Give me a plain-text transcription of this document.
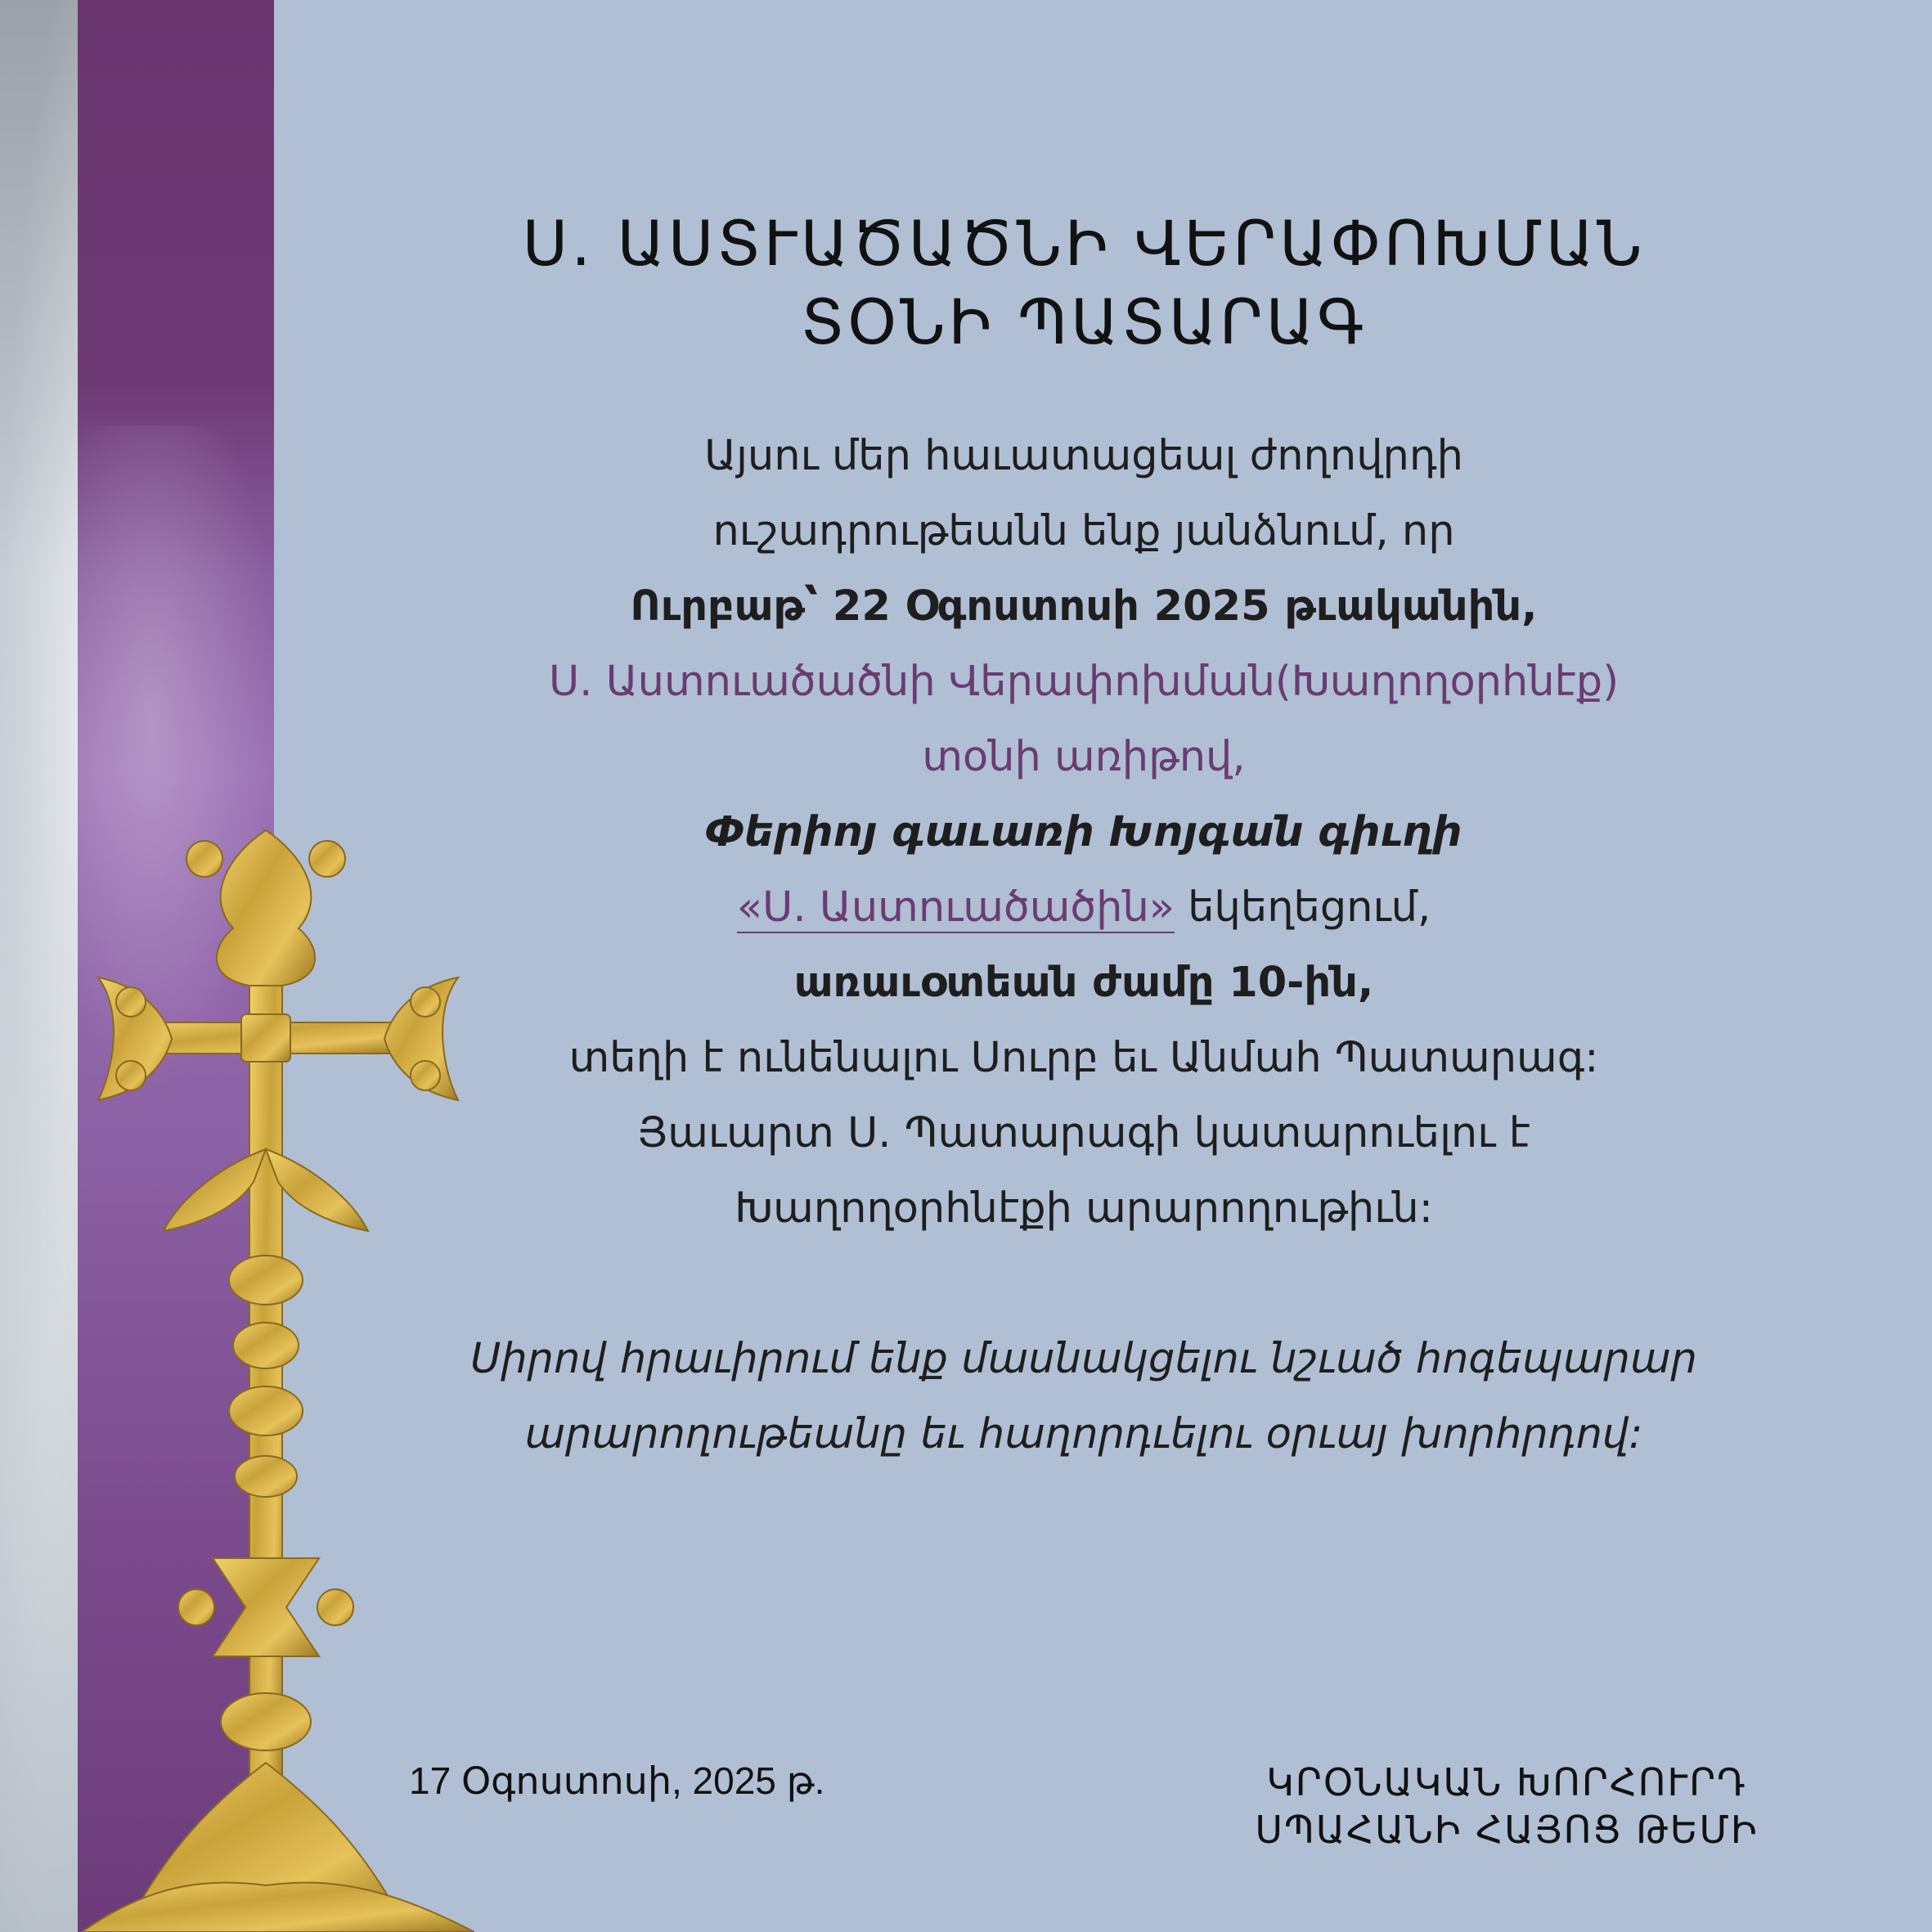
Ս. ԱՍՏՒԱԾԱԾՆԻ ՎԵՐԱՓՈԽՄԱՆ
ՏՕՆԻ ՊԱՏԱՐԱԳ

Այսու մեր հաւատացեալ ժողովրդի

ուշադրութեանն ենք յանձնում, որ

Ուրբաթ՝ 22 Օգոստոսի 2025 թւականին,

Ս. Աստուածածնի Վերափոխման(Խաղողօրհնէք)

տօնի առիթով,

Փերիոյ գաւառի Խոյգան գիւղի

«Ս. Աստուածածին» եկեղեցում,

առաւօտեան ժամը 10-ին,

տեղի է ունենալու Սուրբ եւ Անմահ Պատարագ:

Յաւարտ Ս. Պատարագի կատարուելու է

Խաղողօրհնէքի արարողութիւն:

Սիրով հրաւիրում ենք մասնակցելու նշւած հոգեպարար

արարողութեանը եւ հաղորդւելու օրւայ խորհրդով:

17 Օգոստոսի, 2025 թ.	ԿՐՕՆԱԿԱՆ ԽՈՐՀՈՒՐԴ
ՍՊԱՀԱՆԻ ՀԱՅՈՑ ԹԵՄԻ
